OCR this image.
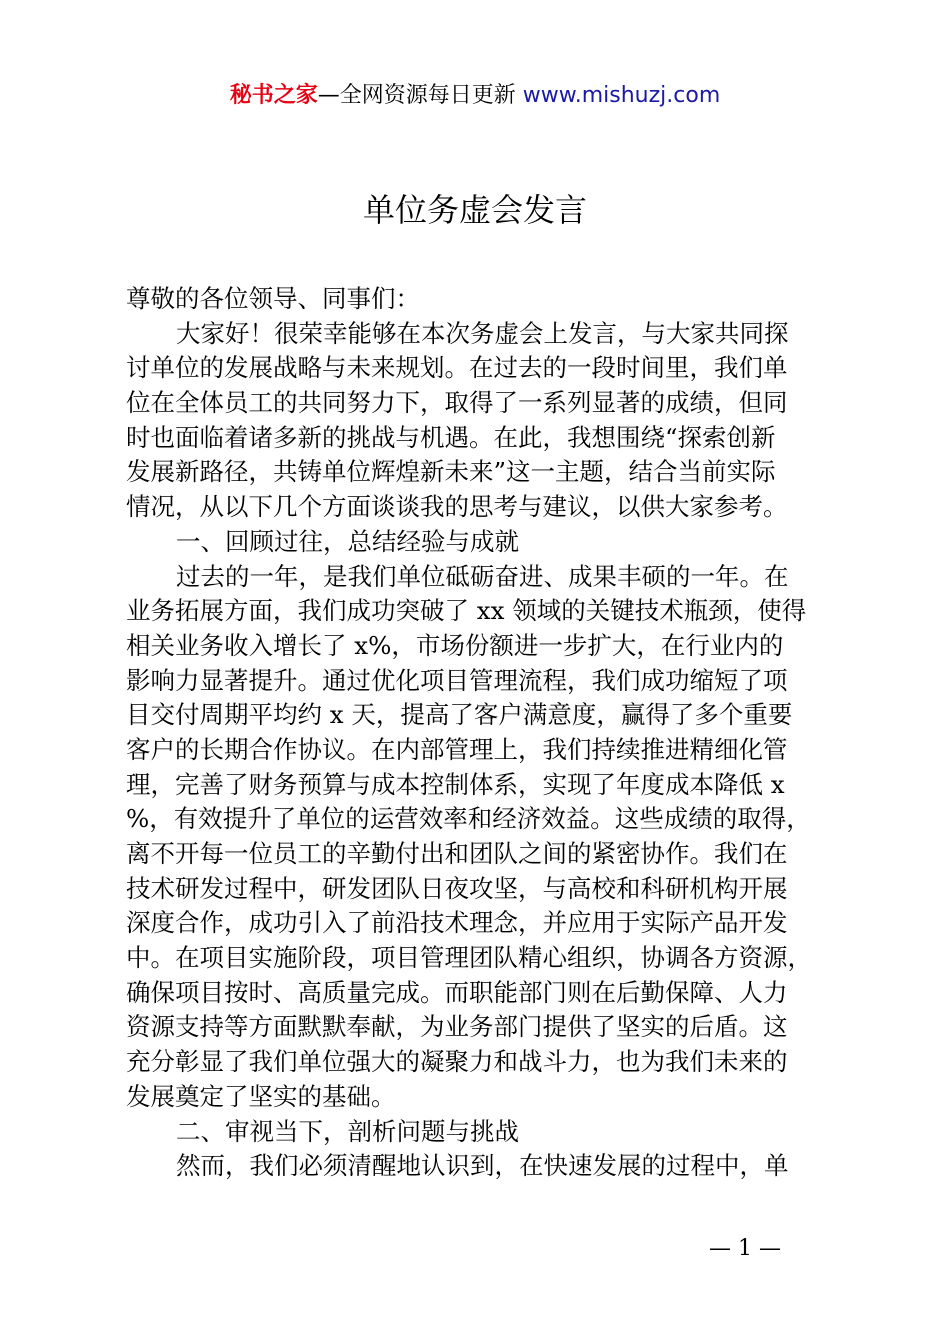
秘书之家—全网资源每日更新 www.mishuzj.com
单位务虚会发言
尊敬的各位领导、同事们：
大家好！很荣幸能够在本次务虚会上发言，与大家共同探
讨单位的发展战略与未来规划。在过去的一段时间里，我们单
位在全体员工的共同努力下，取得了一系列显著的成绩，但同
时也面临着诸多新的挑战与机遇。在此，我想围绕“探索创新
发展新路径，共铸单位辉煌新未来”这一主题，结合当前实际
情况，从以下几个方面谈谈我的思考与建议，以供大家参考。
一、回顾过往，总结经验与成就
过去的一年，是我们单位砥砺奋进、成果丰硕的一年。在
业务拓展方面，我们成功突破了 xx 领域的关键技术瓶颈，使得
相关业务收入增长了 x%，市场份额进一步扩大，在行业内的
影响力显著提升。通过优化项目管理流程，我们成功缩短了项
目交付周期平均约 x 天，提高了客户满意度，赢得了多个重要
客户的长期合作协议。在内部管理上，我们持续推进精细化管
理，完善了财务预算与成本控制体系，实现了年度成本降低 x
%，有效提升了单位的运营效率和经济效益。这些成绩的取得，
离不开每一位员工的辛勤付出和团队之间的紧密协作。我们在
技术研发过程中，研发团队日夜攻坚，与高校和科研机构开展
深度合作，成功引入了前沿技术理念，并应用于实际产品开发
中。在项目实施阶段，项目管理团队精心组织，协调各方资源，
确保项目按时、高质量完成。而职能部门则在后勤保障、人力
资源支持等方面默默奉献，为业务部门提供了坚实的后盾。这
充分彰显了我们单位强大的凝聚力和战斗力，也为我们未来的
发展奠定了坚实的基础。
二、审视当下，剖析问题与挑战
然而，我们必须清醒地认识到，在快速发展的过程中，单
— 1 —
